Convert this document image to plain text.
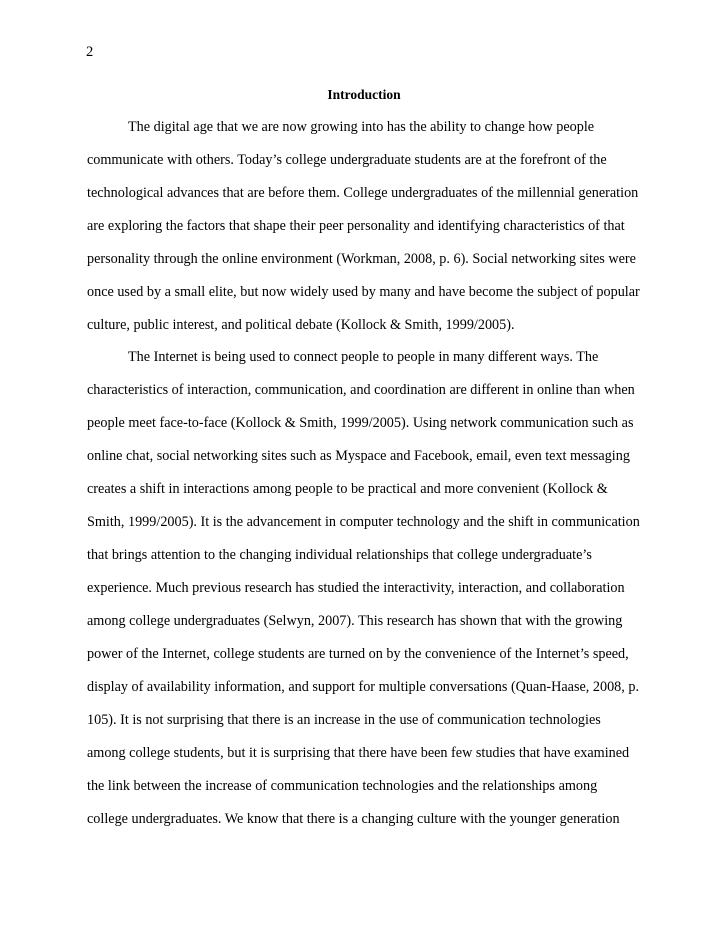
2
Introduction
The digital age that we are now growing into has the ability to change how people
communicate with others. Today’s college undergraduate students are at the forefront of the
technological advances that are before them. College undergraduates of the millennial generation
are exploring the factors that shape their peer personality and identifying characteristics of that
personality through the online environment (Workman, 2008, p. 6). Social networking sites were
once used by a small elite, but now widely used by many and have become the subject of popular
culture, public interest, and political debate (Kollock & Smith, 1999/2005).
The Internet is being used to connect people to people in many different ways. The
characteristics of interaction, communication, and coordination are different in online than when
people meet face-to-face (Kollock & Smith, 1999/2005). Using network communication such as
online chat, social networking sites such as Myspace and Facebook, email, even text messaging
creates a shift in interactions among people to be practical and more convenient (Kollock &
Smith, 1999/2005). It is the advancement in computer technology and the shift in communication
that brings attention to the changing individual relationships that college undergraduate’s
experience. Much previous research has studied the interactivity, interaction, and collaboration
among college undergraduates (Selwyn, 2007). This research has shown that with the growing
power of the Internet, college students are turned on by the convenience of the Internet’s speed,
display of availability information, and support for multiple conversations (Quan-Haase, 2008, p.
105). It is not surprising that there is an increase in the use of communication technologies
among college students, but it is surprising that there have been few studies that have examined
the link between the increase of communication technologies and the relationships among
college undergraduates. We know that there is a changing culture with the younger generation
